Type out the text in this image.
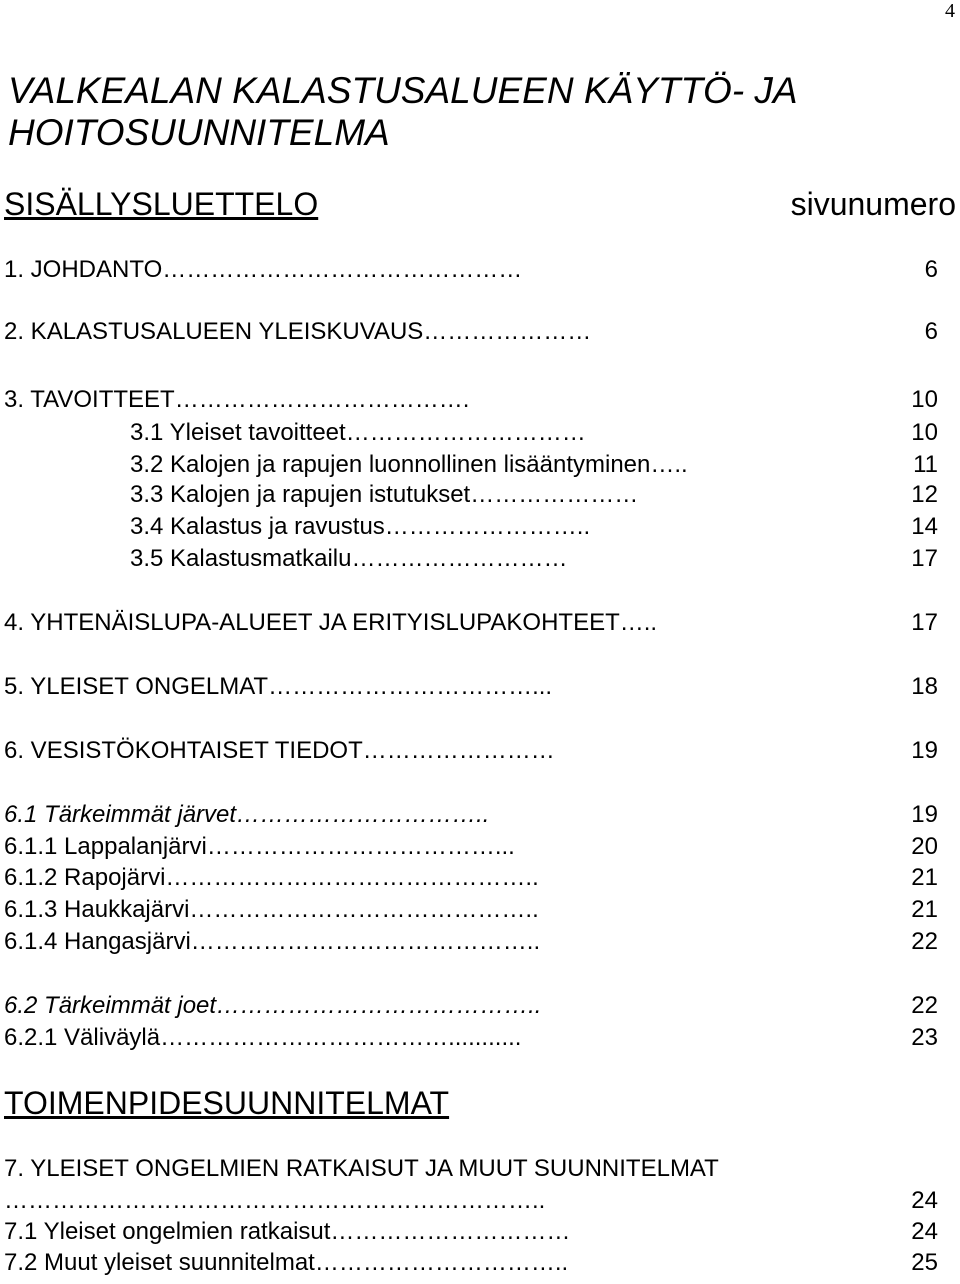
4
VALKEALAN KALASTUSALUEEN KÄYTTÖ- JA
HOITOSUUNNITELMA
SISÄLLYSLUETTELO	sivunumero
1. JOHDANTO………………………………………	6
2. KALASTUSALUEEN YLEISKUVAUS…………………	6
3. TAVOITTEET……………………………….	10
3.1 Yleiset tavoitteet…………………………	10
3.2 Kalojen ja rapujen luonnollinen lisääntyminen…..	11
3.3 Kalojen ja rapujen istutukset…………………	12
3.4 Kalastus ja ravustus……………………..	14
3.5 Kalastusmatkailu………………………	17
4. YHTENÄISLUPA-ALUEET JA ERITYISLUPAKOHTEET…..	17
5. YLEISET ONGELMAT……………………………...	18
6. VESISTÖKOHTAISET TIEDOT……………………	19
6.1 Tärkeimmät järvet…………………………..	19
6.1.1 Lappalanjärvi………………………………...	20
6.1.2 Rapojärvi………………………………………..	21
6.1.3 Haukkajärvi……………………………………..	21
6.1.4 Hangasjärvi……………………………………..	22
6.2 Tärkeimmät joet…………………………………..	22
6.2.1 Väliväylä………………………………...........	23
TOIMENPIDESUUNNITELMAT
7. YLEISET ONGELMIEN RATKAISUT JA MUUT SUUNNITELMAT
…………………………………………………………..	24
7.1 Yleiset ongelmien ratkaisut…………………………	24
7.2 Muut yleiset suunnitelmat…………………………..	25
